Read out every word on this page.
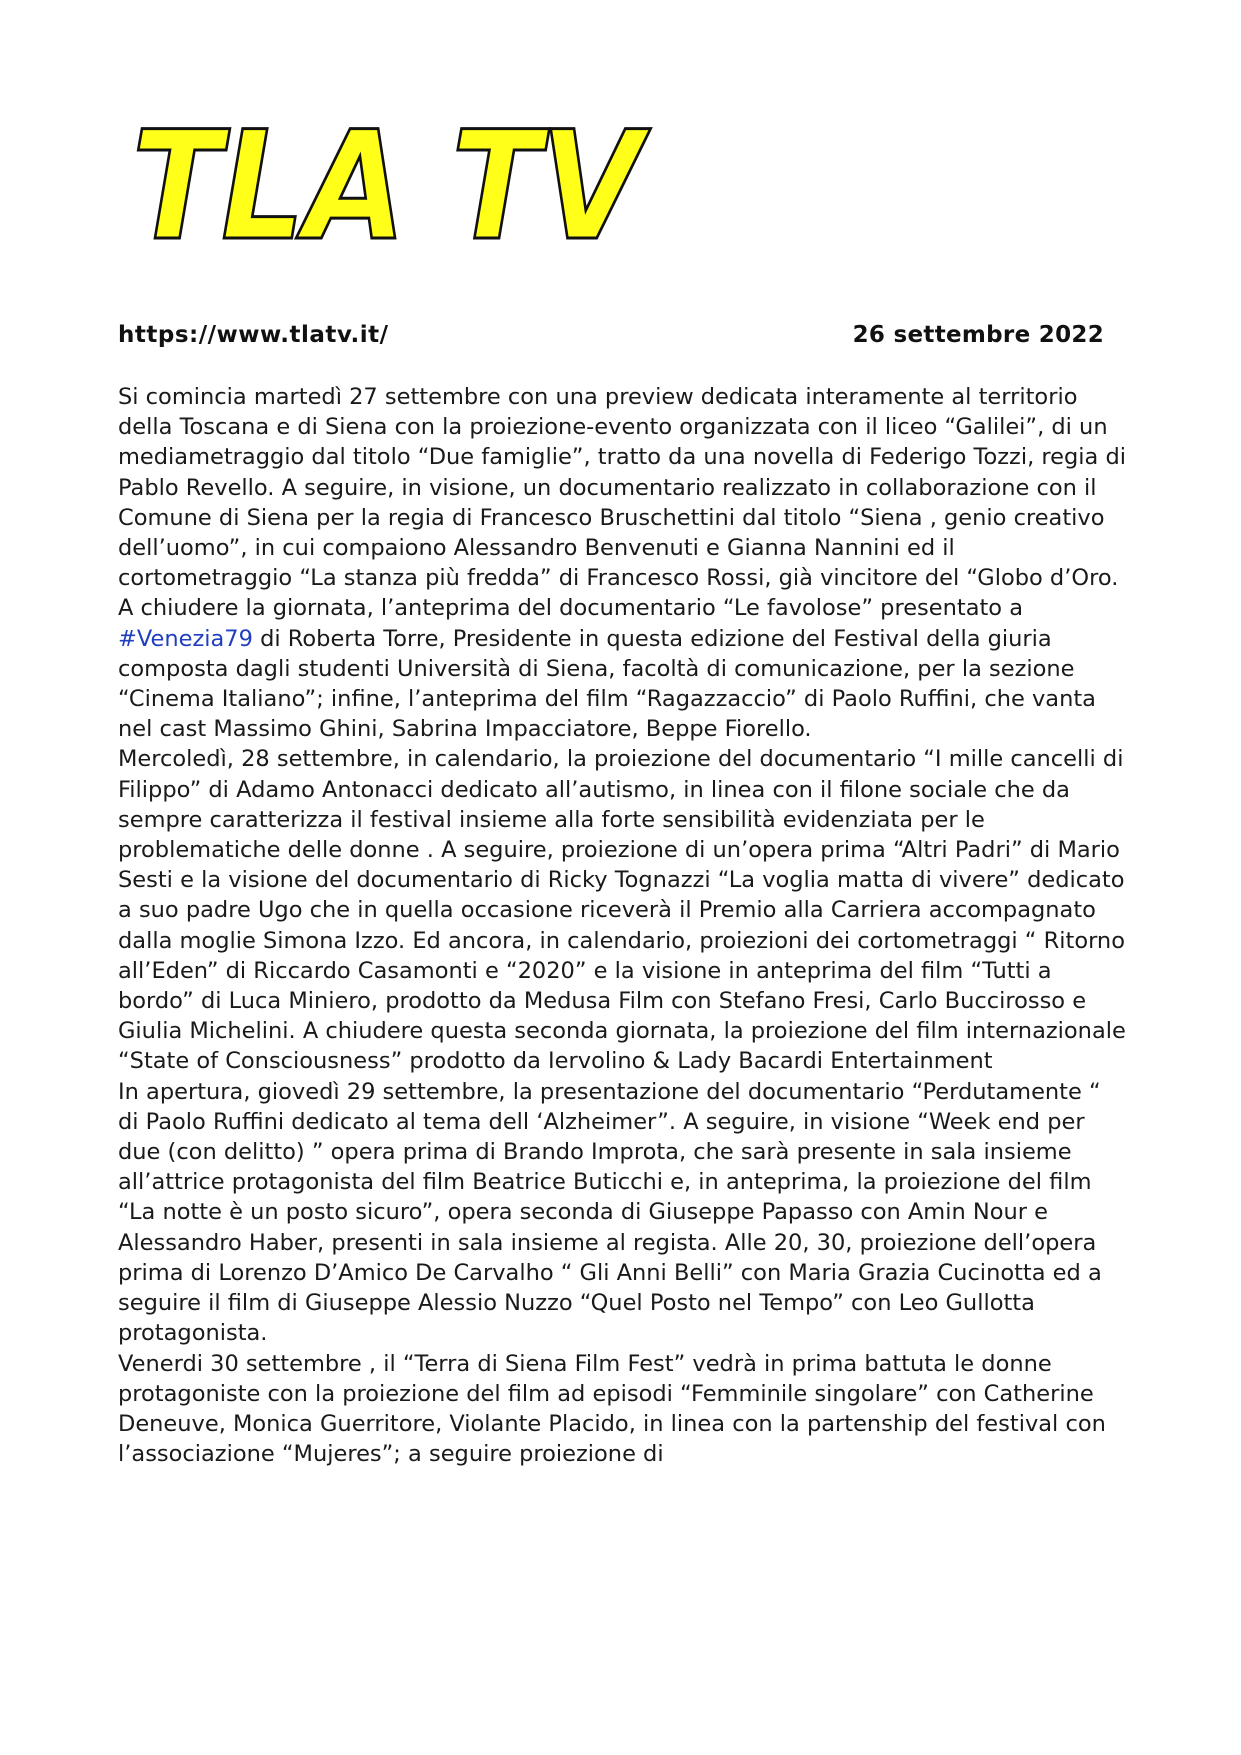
TLA TV
https://www.tlatv.it/	26 settembre 2022

Si comincia martedì 27 settembre con una preview dedicata interamente al territorio della Toscana e di Siena con la proiezione-evento organizzata con il liceo “Galilei”, di un mediametraggio dal titolo “Due famiglie”, tratto da una novella di Federigo Tozzi, regia di Pablo Revello. A seguire, in visione, un documentario realizzato in collaborazione con il Comune di Siena per la regia di Francesco Bruschettini dal titolo “Siena , genio creativo dell’uomo”, in cui compaiono Alessandro Benvenuti e Gianna Nannini ed il cortometraggio “La stanza più fredda” di Francesco Rossi, già vincitore del “Globo d’Oro. A chiudere la giornata, l’anteprima del documentario “Le favolose” presentato a #Venezia79 di Roberta Torre, Presidente in questa edizione del Festival della giuria composta dagli studenti Università di Siena, facoltà di comunicazione, per la sezione “Cinema Italiano”; infine, l’anteprima del film “Ragazzaccio” di Paolo Ruffini, che vanta nel cast Massimo Ghini, Sabrina Impacciatore, Beppe Fiorello.

Mercoledì, 28 settembre, in calendario, la proiezione del documentario “I mille cancelli di Filippo” di Adamo Antonacci dedicato all’autismo, in linea con il filone sociale che da sempre caratterizza il festival insieme alla forte sensibilità evidenziata per le problematiche delle donne . A seguire, proiezione di un’opera prima “Altri Padri” di Mario Sesti e la visione del documentario di Ricky Tognazzi “La voglia matta di vivere” dedicato a suo padre Ugo che in quella occasione riceverà il Premio alla Carriera accompagnato dalla moglie Simona Izzo. Ed ancora, in calendario, proiezioni dei cortometraggi “ Ritorno all’Eden” di Riccardo Casamonti e “2020” e la visione in anteprima del film “Tutti a bordo” di Luca Miniero, prodotto da Medusa Film con Stefano Fresi, Carlo Buccirosso e Giulia Michelini. A chiudere questa seconda giornata, la proiezione del film internazionale “State of Consciousness” prodotto da Iervolino & Lady Bacardi Entertainment

In apertura, giovedì 29 settembre, la presentazione del documentario “Perdutamente “ di Paolo Ruffini dedicato al tema dell ‘Alzheimer”. A seguire, in visione “Week end per due (con delitto) ” opera prima di Brando Improta, che sarà presente in sala insieme all’attrice protagonista del film Beatrice Buticchi e, in anteprima, la proiezione del film “La notte è un posto sicuro”, opera seconda di Giuseppe Papasso con Amin Nour e Alessandro Haber, presenti in sala insieme al regista. Alle 20, 30, proiezione dell’opera prima di Lorenzo D’Amico De Carvalho “ Gli Anni Belli” con Maria Grazia Cucinotta ed a seguire il film di Giuseppe Alessio Nuzzo “Quel Posto nel Tempo” con Leo Gullotta protagonista.

Venerdi 30 settembre , il “Terra di Siena Film Fest” vedrà in prima battuta le donne protagoniste con la proiezione del film ad episodi “Femminile singolare” con Catherine Deneuve, Monica Guerritore, Violante Placido, in linea con la partenship del festival con l’associazione “Mujeres”; a seguire proiezione di
